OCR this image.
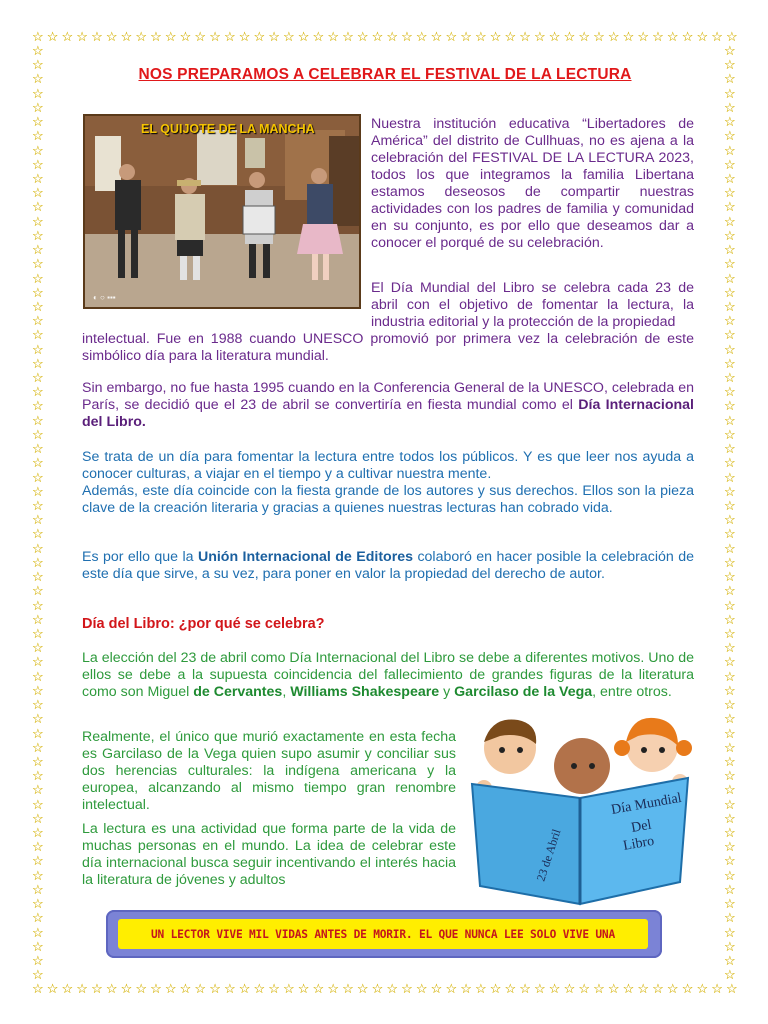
☆ ☆ ☆ ☆ ☆ ☆ ☆ ☆ ☆ ☆ ☆ ☆ ☆ ☆ ☆ ☆ ☆ ☆ ☆ ☆ ☆ ☆ ☆ ☆ ☆ ☆ ☆ ☆ ☆ ☆ ☆ ☆ ☆ ☆ ☆ ☆ ☆ ☆ ☆ ☆ ☆ ☆ ☆ ☆ ☆ ☆ ☆ ☆
☆ ☆ ☆ ☆ ☆ ☆ ☆ ☆ ☆ ☆ ☆ ☆ ☆ ☆ ☆ ☆ ☆ ☆ ☆ ☆ ☆ ☆ ☆ ☆ ☆ ☆ ☆ ☆ ☆ ☆ ☆ ☆ ☆ ☆ ☆ ☆ ☆ ☆ ☆ ☆ ☆ ☆ ☆ ☆ ☆ ☆ ☆ ☆
☆
☆
☆
☆
☆
☆
☆
☆
☆
☆
☆
☆
☆
☆
☆
☆
☆
☆
☆
☆
☆
☆
☆
☆
☆
☆
☆
☆
☆
☆
☆
☆
☆
☆
☆
☆
☆
☆
☆
☆
☆
☆
☆
☆
☆
☆
☆
☆
☆
☆
☆
☆
☆
☆
☆
☆
☆
☆
☆
☆
☆
☆
☆
☆
☆
☆
☆
☆
☆
☆
☆
☆
☆
☆
☆
☆
☆
☆
☆
☆
☆
☆
☆
☆
☆
☆
☆
☆
☆
☆
☆
☆
☆
☆
☆
☆
☆
☆
☆
☆
☆
☆
☆
☆
☆
☆
☆
☆
☆
☆
☆
☆
☆
☆
☆
☆
☆
☆
☆
☆
☆
☆
☆
☆
☆
☆
☆
☆
☆
☆
☆
☆
NOS PREPARAMOS A CELEBRAR EL FESTIVAL DE LA LECTURA
EL QUIJOTE DE LA MANCHA
◐ ○ ▪▪▪

Nuestra institución educativa “Libertadores de América” del distrito de Cullhuas, no es ajena a la celebración del FESTIVAL DE LA LECTURA 2023, todos los que integramos la familia Libertana estamos deseosos de compartir nuestras actividades con los padres de familia y comunidad en su conjunto, es por ello que deseamos dar a conocer el porqué de su celebración.

El Día Mundial del Libro se celebra cada 23 de abril con el objetivo de fomentar la lectura, la industria editorial y la protección de la propiedad

intelectual. Fue en 1988 cuando UNESCO promovió por primera vez la celebración de este simbólico día para la literatura mundial.

Sin embargo, no fue hasta 1995 cuando en la Conferencia General de la UNESCO, celebrada en París, se decidió que el 23 de abril se convertiría en fiesta mundial como el Día Internacional del Libro.

Se trata de un día para fomentar la lectura entre todos los públicos. Y es que leer nos ayuda a conocer culturas, a viajar en el tiempo y a cultivar nuestra mente.

Además, este día coincide con la fiesta grande de los autores y sus derechos. Ellos son la pieza clave de la creación literaria y gracias a quienes nuestras lecturas han cobrado vida.

Es por ello que la Unión Internacional de Editores colaboró en hacer posible la celebración de este día que sirve, a su vez, para poner en valor la propiedad del derecho de autor.

Día del Libro: ¿por qué se celebra?

La elección del 23 de abril como Día Internacional del Libro se debe a diferentes motivos. Uno de ellos se debe a la supuesta coincidencia del fallecimiento de grandes figuras de la literatura como son Miguel de Cervantes, Williams Shakespeare y Garcilaso de la Vega, entre otros.

Realmente, el único que murió exactamente en esta fecha es Garcilaso de la Vega quien supo asumir y conciliar sus dos herencias culturales: la indígena americana y la europea, alcanzando al mismo tiempo gran renombre intelectual.

La lectura es una actividad que forma parte de la vida de muchas personas en el mundo. La idea de celebrar este día internacional busca seguir incentivando el interés hacia la literatura de jóvenes y adultos

Día Mundial
Del
Libro
23 de Abril
UN LECTOR VIVE MIL VIDAS ANTES DE MORIR. EL QUE NUNCA LEE SOLO VIVE UNA
